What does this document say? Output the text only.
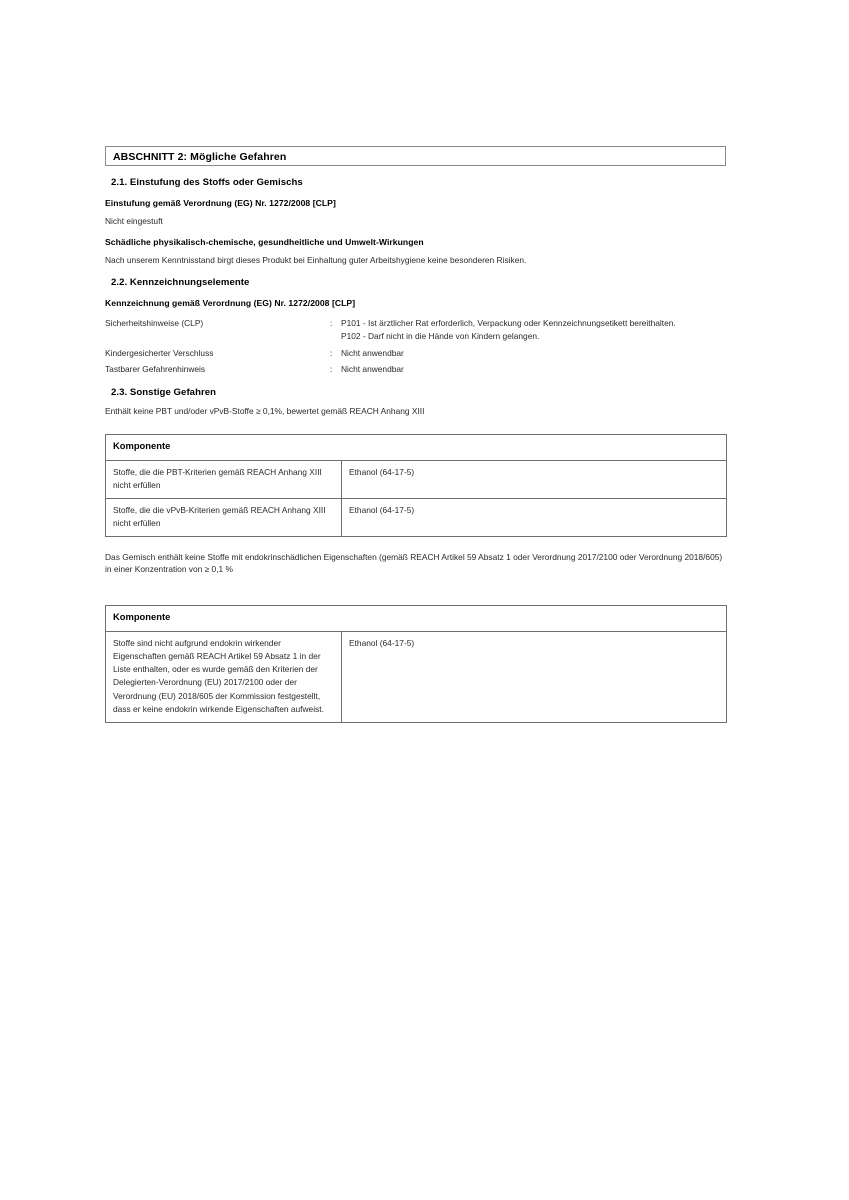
ABSCHNITT 2: Mögliche Gefahren
2.1. Einstufung des Stoffs oder Gemischs
Einstufung gemäß Verordnung (EG) Nr. 1272/2008 [CLP]
Nicht eingestuft
Schädliche physikalisch-chemische, gesundheitliche und Umwelt-Wirkungen
Nach unserem Kenntnisstand birgt dieses Produkt bei Einhaltung guter Arbeitshygiene keine besonderen Risiken.
2.2. Kennzeichnungselemente
Kennzeichnung gemäß Verordnung (EG) Nr. 1272/2008 [CLP]
Sicherheitshinweise (CLP)	:	P101 - Ist ärztlicher Rat erforderlich, Verpackung oder Kennzeichnungsetikett bereithalten.
P102 - Darf nicht in die Hände von Kindern gelangen.
Kindergesicherter Verschluss	:	Nicht anwendbar
Tastbarer Gefahrenhinweis	:	Nicht anwendbar
2.3. Sonstige Gefahren
Enthält keine PBT und/oder vPvB-Stoffe ≥ 0,1%, bewertet gemäß REACH Anhang XIII
Komponente	
Stoffe, die die PBT-Kriterien gemäß REACH Anhang XIII nicht erfüllen	Ethanol (64-17-5)
Stoffe, die die vPvB-Kriterien gemäß REACH Anhang XIII nicht erfüllen	Ethanol (64-17-5)
Das Gemisch enthält keine Stoffe mit endokrinschädlichen Eigenschaften (gemäß REACH Artikel 59 Absatz 1 oder Verordnung 2017/2100 oder Verordnung 2018/605) in einer Konzentration von ≥ 0,1 %
Komponente
Stoffe sind nicht aufgrund endokrin wirkender Eigenschaften gemäß REACH Artikel 59 Absatz 1 in der Liste enthalten, oder es wurde gemäß den Kriterien der Delegierten-Verordnung (EU) 2017/2100 oder der Verordnung (EU) 2018/605 der Kommission festgestellt, dass er keine endokrin wirkende Eigenschaften aufweist.	Ethanol (64-17-5)
